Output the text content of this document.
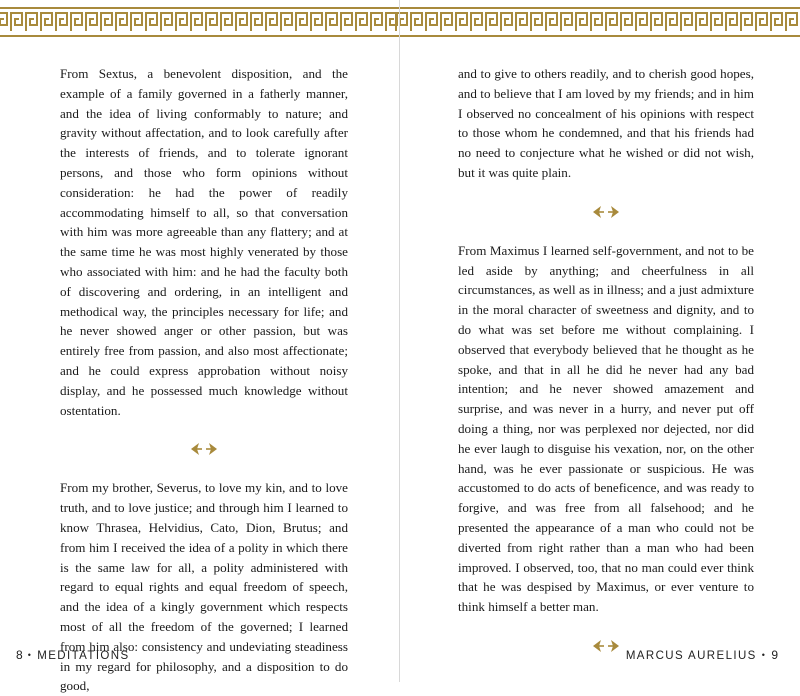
From Sextus, a benevolent disposition, and the example of a family governed in a fatherly manner, and the idea of living conformably to nature; and gravity without affectation, and to look carefully after the interests of friends, and to tolerate ignorant persons, and those who form opinions without consideration: he had the power of readily accommodating himself to all, so that conversation with him was more agreeable than any flattery; and at the same time he was most highly venerated by those who associated with him: and he had the faculty both of discovering and ordering, in an intelligent and methodical way, the principles necessary for life; and he never showed anger or other passion, but was entirely free from passion, and also most affectionate; and he could express approbation without noisy display, and he possessed much knowledge without ostentation.

From my brother, Severus, to love my kin, and to love truth, and to love justice; and through him I learned to know Thrasea, Helvidius, Cato, Dion, Brutus; and from him I received the idea of a polity in which there is the same law for all, a polity administered with regard to equal rights and equal freedom of speech, and the idea of a kingly government which respects most of all the freedom of the governed; I learned from him also: consistency and undeviating steadiness in my regard for philosophy, and a disposition to do good,

8 • MEDITATIONS

and to give to others readily, and to cherish good hopes, and to believe that I am loved by my friends; and in him I observed no concealment of his opinions with respect to those whom he condemned, and that his friends had no need to conjecture what he wished or did not wish, but it was quite plain.

From Maximus I learned self-government, and not to be led aside by anything; and cheerfulness in all circumstances, as well as in illness; and a just admixture in the moral character of sweetness and dignity, and to do what was set before me without complaining. I observed that everybody believed that he thought as he spoke, and that in all he did he never had any bad intention; and he never showed amazement and surprise, and was never in a hurry, and never put off doing a thing, nor was perplexed nor dejected, nor did he ever laugh to disguise his vexation, nor, on the other hand, was he ever passionate or suspicious. He was accustomed to do acts of beneficence, and was ready to forgive, and was free from all falsehood; and he presented the appearance of a man who could not be diverted from right rather than a man who had been improved. I observed, too, that no man could ever think that he was despised by Maximus, or ever venture to think himself a better man.

MARCUS AURELIUS • 9
